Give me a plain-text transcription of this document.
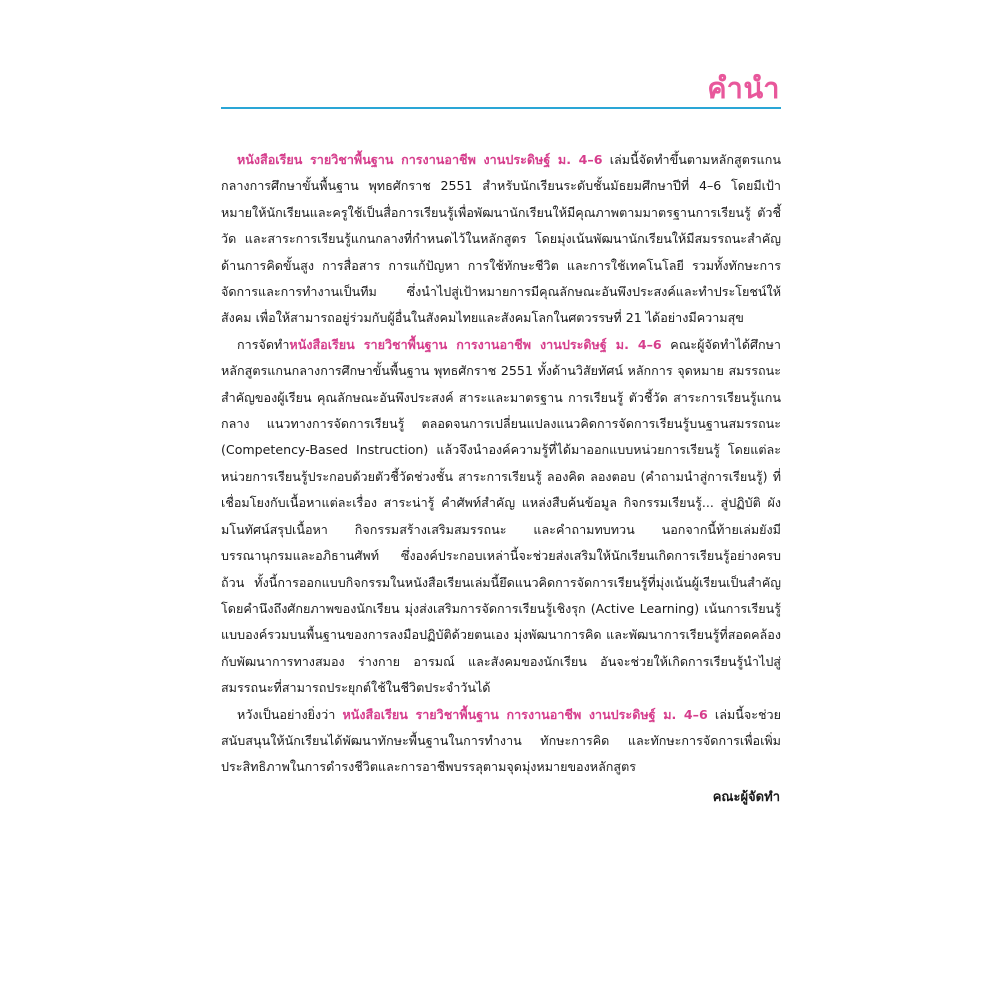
คำนำ

หนังสือเรียน รายวิชาพื้นฐาน การงานอาชีพ งานประดิษฐ์ ม. 4–6 เล่มนี้จัดทำขึ้นตามหลักสูตรแกนกลางการศึกษาขั้นพื้นฐาน พุทธศักราช 2551 สำหรับนักเรียนระดับชั้นมัธยมศึกษาปีที่ 4–6 โดยมีเป้าหมายให้นักเรียนและครูใช้เป็นสื่อการเรียนรู้เพื่อพัฒนานักเรียนให้มีคุณภาพตามมาตรฐานการเรียนรู้ ตัวชี้วัด และสาระการเรียนรู้แกนกลางที่กำหนดไว้ในหลักสูตร โดยมุ่งเน้นพัฒนานักเรียนให้มีสมรรถนะสำคัญด้านการคิดขั้นสูง การสื่อสาร การแก้ปัญหา การใช้ทักษะชีวิต และการใช้เทคโนโลยี รวมทั้งทักษะการจัดการและการทำงานเป็นทีม ซึ่งนำไปสู่เป้าหมายการมีคุณลักษณะอันพึงประสงค์และทำประโยชน์ให้สังคม เพื่อให้สามารถอยู่ร่วมกับผู้อื่นในสังคมไทยและสังคมโลกในศตวรรษที่ 21 ได้อย่างมีความสุข

การจัดทำหนังสือเรียน รายวิชาพื้นฐาน การงานอาชีพ งานประดิษฐ์ ม. 4–6 คณะผู้จัดทำได้ศึกษาหลักสูตรแกนกลางการศึกษาขั้นพื้นฐาน พุทธศักราช 2551 ทั้งด้านวิสัยทัศน์ หลักการ จุดหมาย สมรรถนะสำคัญของผู้เรียน คุณลักษณะอันพึงประสงค์ สาระและมาตรฐาน การเรียนรู้ ตัวชี้วัด สาระการเรียนรู้แกนกลาง แนวทางการจัดการเรียนรู้ ตลอดจนการเปลี่ยนแปลงแนวคิดการจัดการเรียนรู้บนฐานสมรรถนะ (Competency-Based Instruction) แล้วจึงนำองค์ความรู้ที่ได้มาออกแบบหน่วยการเรียนรู้ โดยแต่ละหน่วยการเรียนรู้ประกอบด้วยตัวชี้วัดช่วงชั้น สาระการเรียนรู้ ลองคิด ลองตอบ (คำถามนำสู่การเรียนรู้) ที่เชื่อมโยงกับเนื้อหาแต่ละเรื่อง สาระน่ารู้ คำศัพท์สำคัญ แหล่งสืบค้นข้อมูล กิจกรรมเรียนรู้... สู่ปฏิบัติ ผังมโนทัศน์สรุปเนื้อหา กิจกรรมสร้างเสริมสมรรถนะ และคำถามทบทวน นอกจากนี้ท้ายเล่มยังมีบรรณานุกรมและอภิธานศัพท์ ซึ่งองค์ประกอบเหล่านี้จะช่วยส่งเสริมให้นักเรียนเกิดการเรียนรู้อย่างครบถ้วน ทั้งนี้การออกแบบกิจกรรมในหนังสือเรียนเล่มนี้ยึดแนวคิดการจัดการเรียนรู้ที่มุ่งเน้นผู้เรียนเป็นสำคัญ โดยคำนึงถึงศักยภาพของนักเรียน มุ่งส่งเสริมการจัดการเรียนรู้เชิงรุก (Active Learning) เน้นการเรียนรู้แบบองค์รวมบนพื้นฐานของการลงมือปฏิบัติด้วยตนเอง มุ่งพัฒนาการคิด และพัฒนาการเรียนรู้ที่สอดคล้องกับพัฒนาการทางสมอง ร่างกาย อารมณ์ และสังคมของนักเรียน อันจะช่วยให้เกิดการเรียนรู้นำไปสู่สมรรถนะที่สามารถประยุกต์ใช้ในชีวิตประจำวันได้

หวังเป็นอย่างยิ่งว่า หนังสือเรียน รายวิชาพื้นฐาน การงานอาชีพ งานประดิษฐ์ ม. 4–6 เล่มนี้จะช่วยสนับสนุนให้นักเรียนได้พัฒนาทักษะพื้นฐานในการทำงาน ทักษะการคิด และทักษะการจัดการเพื่อเพิ่มประสิทธิภาพในการดำรงชีวิตและการอาชีพบรรลุตามจุดมุ่งหมายของหลักสูตร

คณะผู้จัดทำ
